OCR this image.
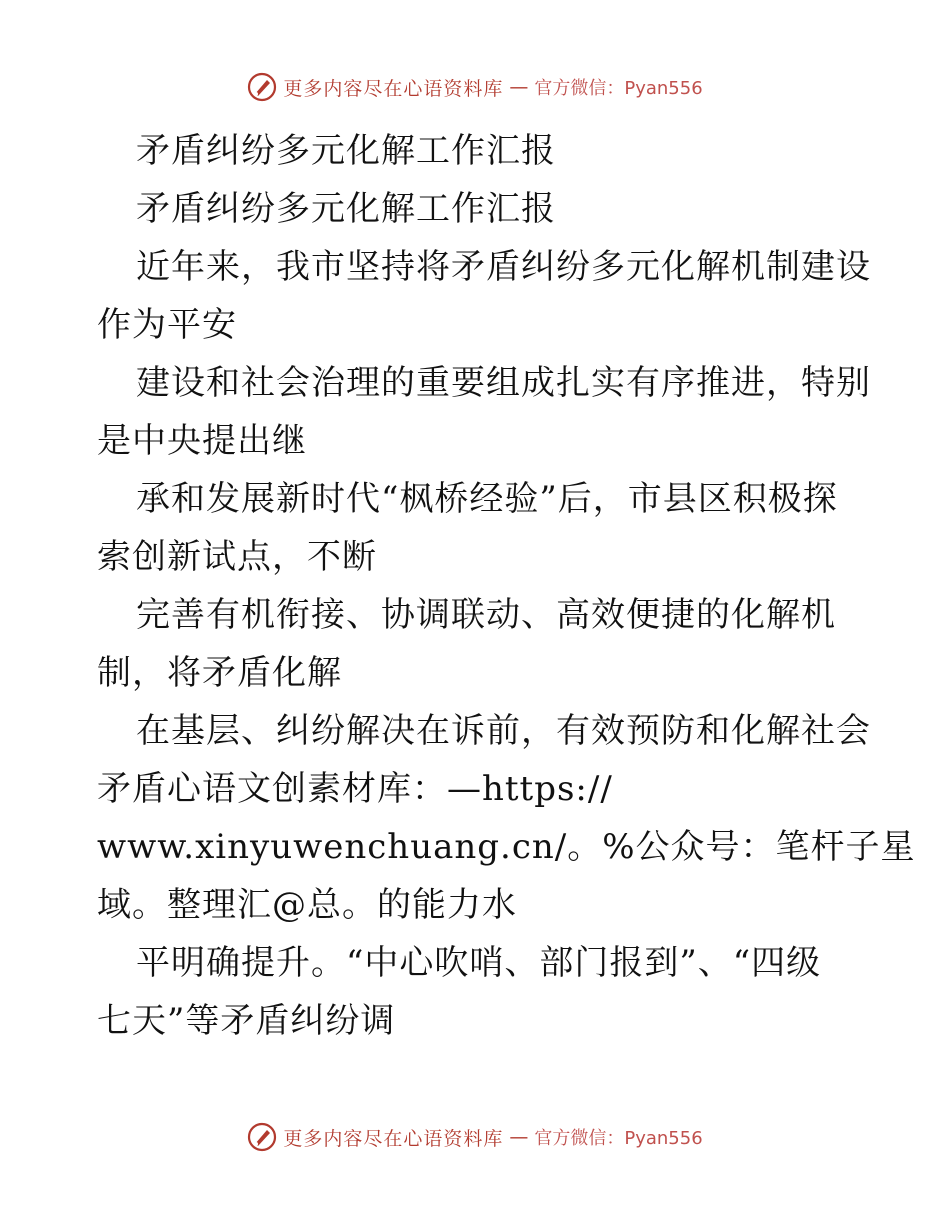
更多内容尽在心语资料库 — 官方微信：Pyan556
矛盾纠纷多元化解工作汇报
矛盾纠纷多元化解工作汇报
近年来，我市坚持将矛盾纠纷多元化解机制建设
作为平安
建设和社会治理的重要组成扎实有序推进，特别
是中央提出继
承和发展新时代“枫桥经验”后，市县区积极探
索创新试点，不断
完善有机衔接、协调联动、高效便捷的化解机
制，将矛盾化解
在基层、纠纷解决在诉前，有效预防和化解社会
矛盾心语文创素材库：—https://
www.xinyuwenchuang.cn/。%公众号：笔杆子星
域。整理汇@总。的能力水
平明确提升。“中心吹哨、部门报到”、“四级
七天”等矛盾纠纷调
更多内容尽在心语资料库 — 官方微信：Pyan556
